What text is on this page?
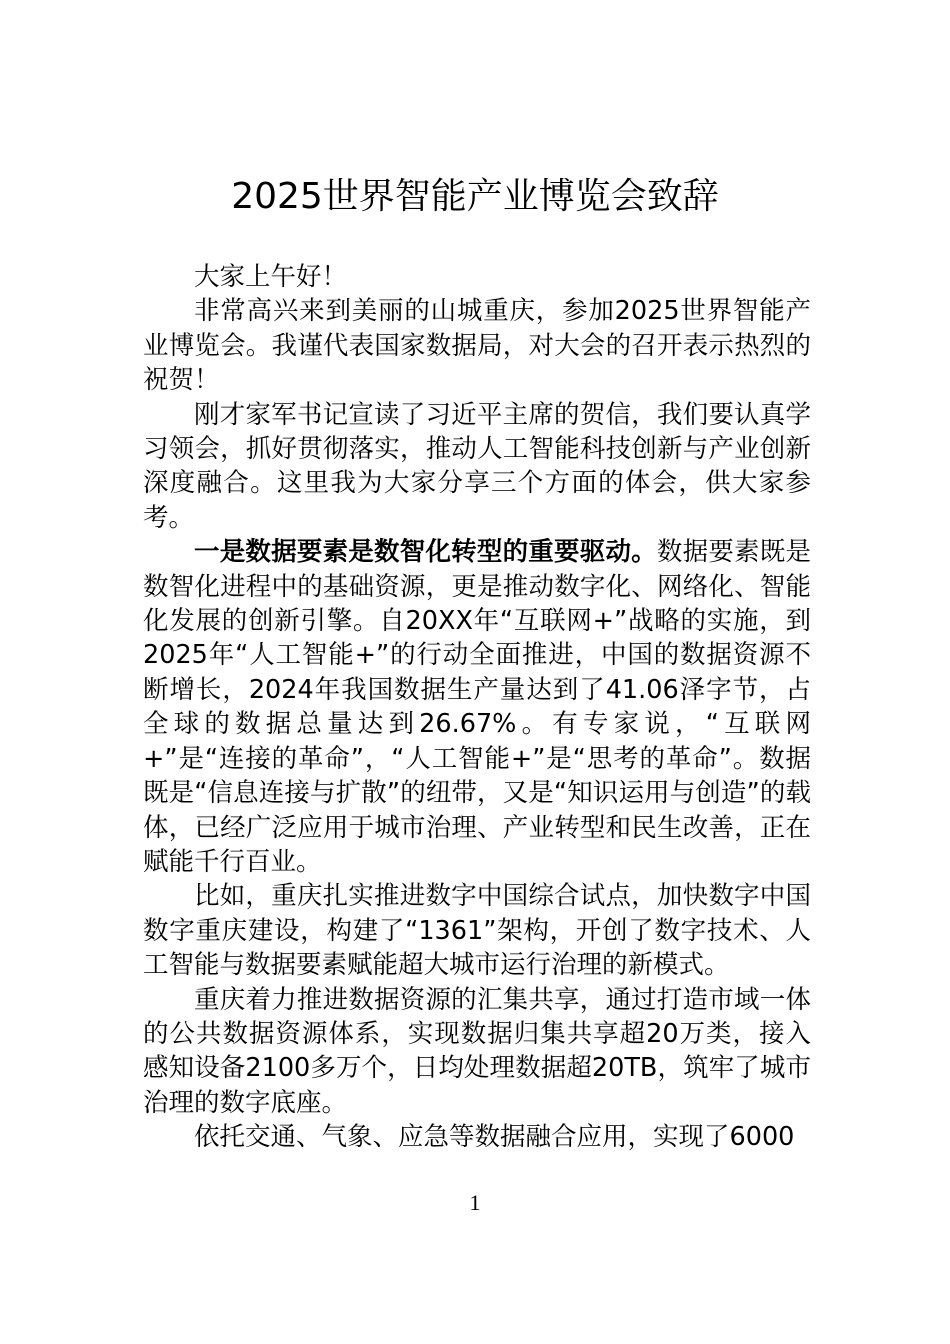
2025世界智能产业博览会致辞

大家上午好！

非常高兴来到美丽的山城重庆，参加2025世界智能产业博览会。我谨代表国家数据局，对大会的召开表示热烈的祝贺！

刚才家军书记宣读了习近平主席的贺信，我们要认真学习领会，抓好贯彻落实，推动人工智能科技创新与产业创新深度融合。这里我为大家分享三个方面的体会，供大家参考。

一是数据要素是数智化转型的重要驱动。数据要素既是数智化进程中的基础资源，更是推动数字化、网络化、智能化发展的创新引擎。自20XX年“互联网+”战略的实施，到2025年“人工智能+”的行动全面推进，中国的数据资源不断增长，2024年我国数据生产量达到了41.06泽字节，占全球的数据总量达到26.67%。有专家说，“互联网+”是“连接的革命”，“人工智能+”是“思考的革命”。数据既是“信息连接与扩散”的纽带，又是“知识运用与创造”的载体，已经广泛应用于城市治理、产业转型和民生改善，正在赋能千行百业。

比如，重庆扎实推进数字中国综合试点，加快数字中国数字重庆建设，构建了“1361”架构，开创了数字技术、人工智能与数据要素赋能超大城市运行治理的新模式。

重庆着力推进数据资源的汇集共享，通过打造市域一体的公共数据资源体系，实现数据归集共享超20万类，接入感知设备2100多万个，日均处理数据超20TB，筑牢了城市治理的数字底座。

依托交通、气象、应急等数据融合应用，实现了6000

1
